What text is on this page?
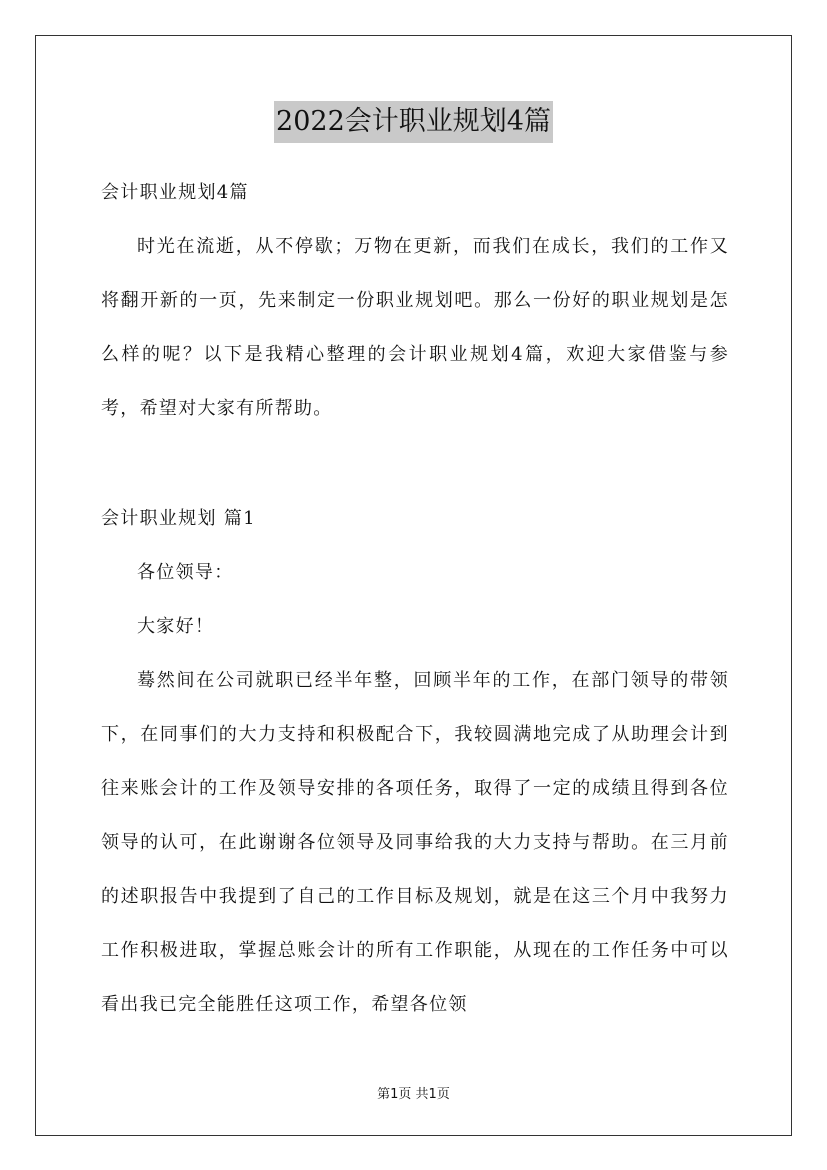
2022会计职业规划4篇
会计职业规划4篇

时光在流逝，从不停歇；万物在更新，而我们在成长，我们的工作又将翻开新的一页，先来制定一份职业规划吧。那么一份好的职业规划是怎么样的呢？以下是我精心整理的会计职业规划4篇，欢迎大家借鉴与参考，希望对大家有所帮助。

会计职业规划 篇1
各位领导：
大家好！

蓦然间在公司就职已经半年整，回顾半年的工作，在部门领导的带领下，在同事们的大力支持和积极配合下，我较圆满地完成了从助理会计到往来账会计的工作及领导安排的各项任务，取得了一定的成绩且得到各位领导的认可，在此谢谢各位领导及同事给我的大力支持与帮助。在三月前的述职报告中我提到了自己的工作目标及规划，就是在这三个月中我努力工作积极进取，掌握总账会计的所有工作职能，从现在的工作任务中可以看出我已完全能胜任这项工作，希望各位领

第1页 共1页
